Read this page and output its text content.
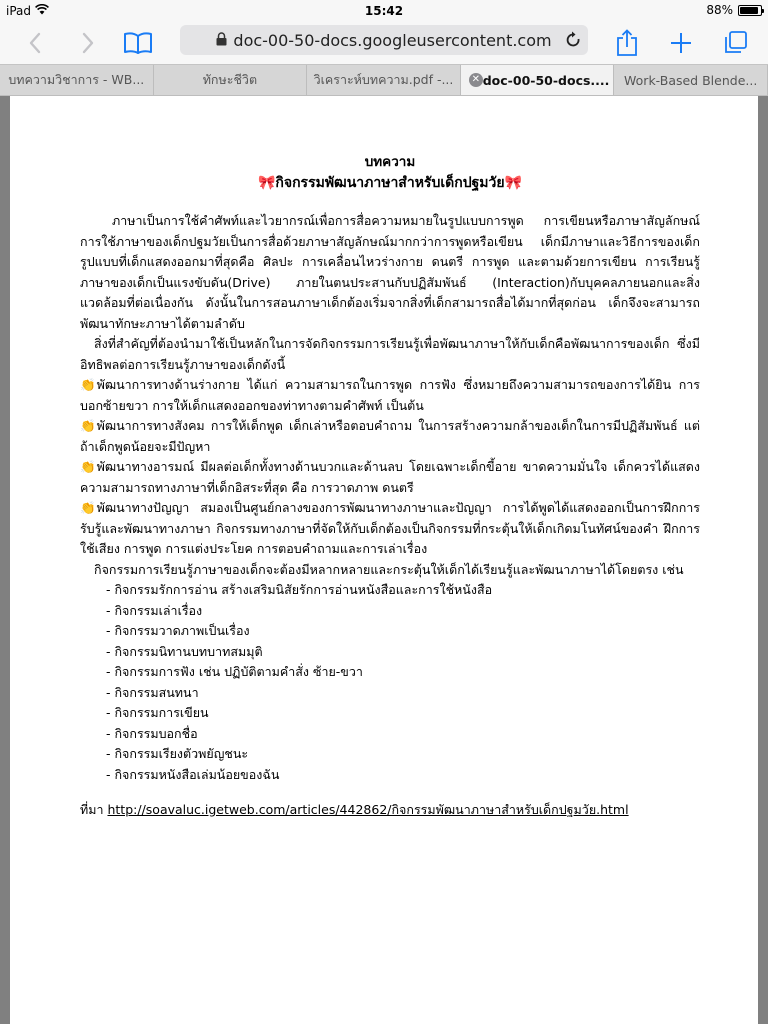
iPad	15:42	88%
doc-00-50-docs.googleusercontent.com
บทความวิชาการ - WB...	ทักษะชีวิต	วิเคราะห์บทความ.pdf -... ✕ doc-00-50-docs.... Work-Based Blende...
บทความ
🎀กิจกรรมพัฒนาภาษาสำหรับเด็กปฐมวัย🎀

ภาษาเป็นการใช้คำศัพท์และไวยากรณ์เพื่อการสื่อความหมายในรูปแบบการพูด การเขียนหรือภาษาสัญลักษณ์ การใช้ภาษาของเด็กปฐมวัยเป็นการสื่อด้วยภาษาสัญลักษณ์มากกว่าการพูดหรือเขียน เด็กมีภาษาและวิธีการของเด็ก รูปแบบที่เด็กแสดงออกมาที่สุดคือ ศิลปะ การเคลื่อนไหวร่างกาย ดนตรี การพูด และตามด้วยการเขียน การเรียนรู้ภาษาของเด็กเป็นแรงขับดัน(Drive) ภายในตนประสานกับปฏิสัมพันธ์ (Interaction)กับบุคคลภายนอกและสิ่งแวดล้อมที่ต่อเนื่องกัน ดังนั้นในการสอนภาษาเด็กต้องเริ่มจากสิ่งที่เด็กสามารถสื่อได้มากที่สุดก่อน เด็กจึงจะสามารถพัฒนาทักษะภาษาได้ตามลำดับ

สิ่งที่สำคัญที่ต้องนำมาใช้เป็นหลักในการจัดกิจกรรมการเรียนรู้เพื่อพัฒนาภาษาให้กับเด็กคือพัฒนาการของเด็ก ซึ่งมีอิทธิพลต่อการเรียนรู้ภาษาของเด็กดังนี้

👏พัฒนาการทางด้านร่างกาย ได้แก่ ความสามารถในการพูด การฟัง ซึ่งหมายถึงความสามารถของการได้ยิน การบอกซ้ายขวา การให้เด็กแสดงออกของท่าทางตามคำศัพท์ เป็นต้น

👏พัฒนาการทางสังคม การให้เด็กพูด เด็กเล่าหรือตอบคำถาม ในการสร้างความกล้าของเด็กในการมีปฏิสัมพันธ์ แต่ถ้าเด็กพูดน้อยจะมีปัญหา

👏พัฒนาทางอารมณ์ มีผลต่อเด็กทั้งทางด้านบวกและด้านลบ โดยเฉพาะเด็กขี้อาย ขาดความมั่นใจ เด็กควรได้แสดงความสามารถทางภาษาที่เด็กอิสระที่สุด คือ การวาดภาพ ดนตรี

👏พัฒนาทางปัญญา สมองเป็นศูนย์กลางของการพัฒนาทางภาษาและปัญญา การได้พูดได้แสดงออกเป็นการฝึกการรับรู้และพัฒนาทางภาษา กิจกรรมทางภาษาที่จัดให้กับเด็กต้องเป็นกิจกรรมที่กระตุ้นให้เด็กเกิดมโนทัศน์ของคำ ฝึกการใช้เสียง การพูด การแต่งประโยค การตอบคำถามและการเล่าเรื่อง

กิจกรรมการเรียนรู้ภาษาของเด็กจะต้องมีหลากหลายและกระตุ้นให้เด็กได้เรียนรู้และพัฒนาภาษาได้โดยตรง เช่น

- กิจกรรมรักการอ่าน สร้างเสริมนิสัยรักการอ่านหนังสือและการใช้หนังสือ
- กิจกรรมเล่าเรื่อง
- กิจกรรมวาดภาพเป็นเรื่อง
- กิจกรรมนิทานบทบาทสมมุติ
- กิจกรรมการฟัง เช่น ปฏิบัติตามคำสั่ง ซ้าย-ขวา
- กิจกรรมสนทนา
- กิจกรรมการเขียน
- กิจกรรมบอกชื่อ
- กิจกรรมเรียงตัวพยัญชนะ
- กิจกรรมหนังสือเล่มน้อยของฉัน

ที่มา http://soavaluc.igetweb.com/articles/442862/กิจกรรมพัฒนาภาษาสำหรับเด็กปฐมวัย.html
